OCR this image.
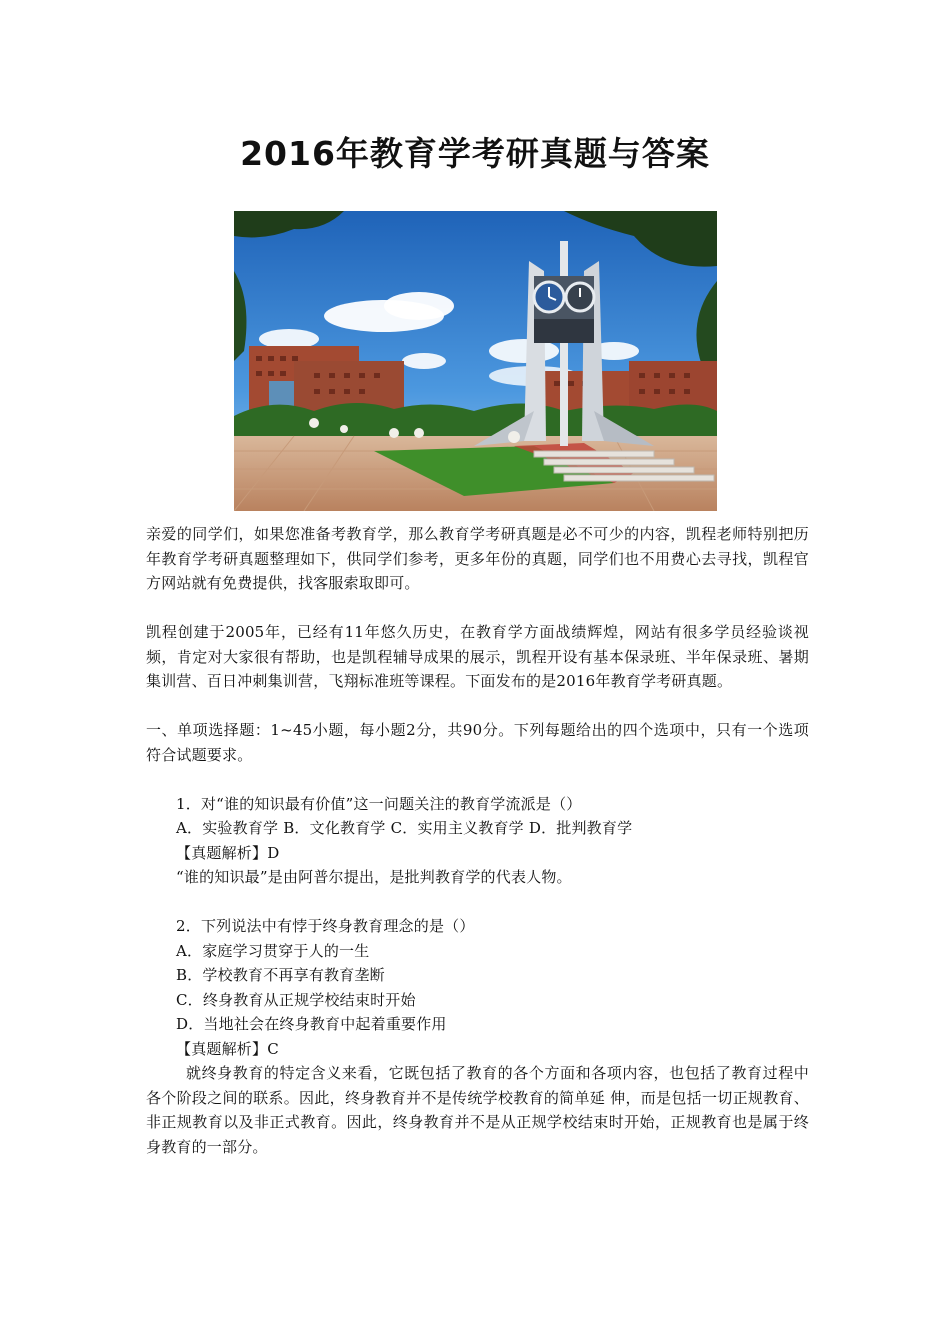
2016年教育学考研真题与答案

亲爱的同学们，如果您准备考教育学，那么教育学考研真题是必不可少的内容，凯程老师特别把历年教育学考研真题整理如下，供同学们参考，更多年份的真题，同学们也不用费心去寻找，凯程官方网站就有免费提供，找客服索取即可。

凯程创建于2005年，已经有11年悠久历史，在教育学方面战绩辉煌，网站有很多学员经验谈视频，肯定对大家很有帮助，也是凯程辅导成果的展示，凯程开设有基本保录班、半年保录班、暑期集训营、百日冲刺集训营，飞翔标准班等课程。下面发布的是2016年教育学考研真题。

一、单项选择题：1~45小题，每小题2分，共90分。下列每题给出的四个选项中，只有一个选项符合试题要求。

1．对“谁的知识最有价值”这一问题关注的教育学流派是（）

A．实验教育学 B．文化教育学 C．实用主义教育学 D．批判教育学

【真题解析】D

“谁的知识最”是由阿普尔提出，是批判教育学的代表人物。

2．下列说法中有悖于终身教育理念的是（）

A．家庭学习贯穿于人的一生

B．学校教育不再享有教育垄断

C．终身教育从正规学校结束时开始

D．当地社会在终身教育中起着重要作用

【真题解析】C

就终身教育的特定含义来看，它既包括了教育的各个方面和各项内容，也包括了教育过程中各个阶段之间的联系。因此，终身教育并不是传统学校教育的简单延 伸，而是包括一切正规教育、非正规教育以及非正式教育。因此，终身教育并不是从正规学校结束时开始，正规教育也是属于终身教育的一部分。
